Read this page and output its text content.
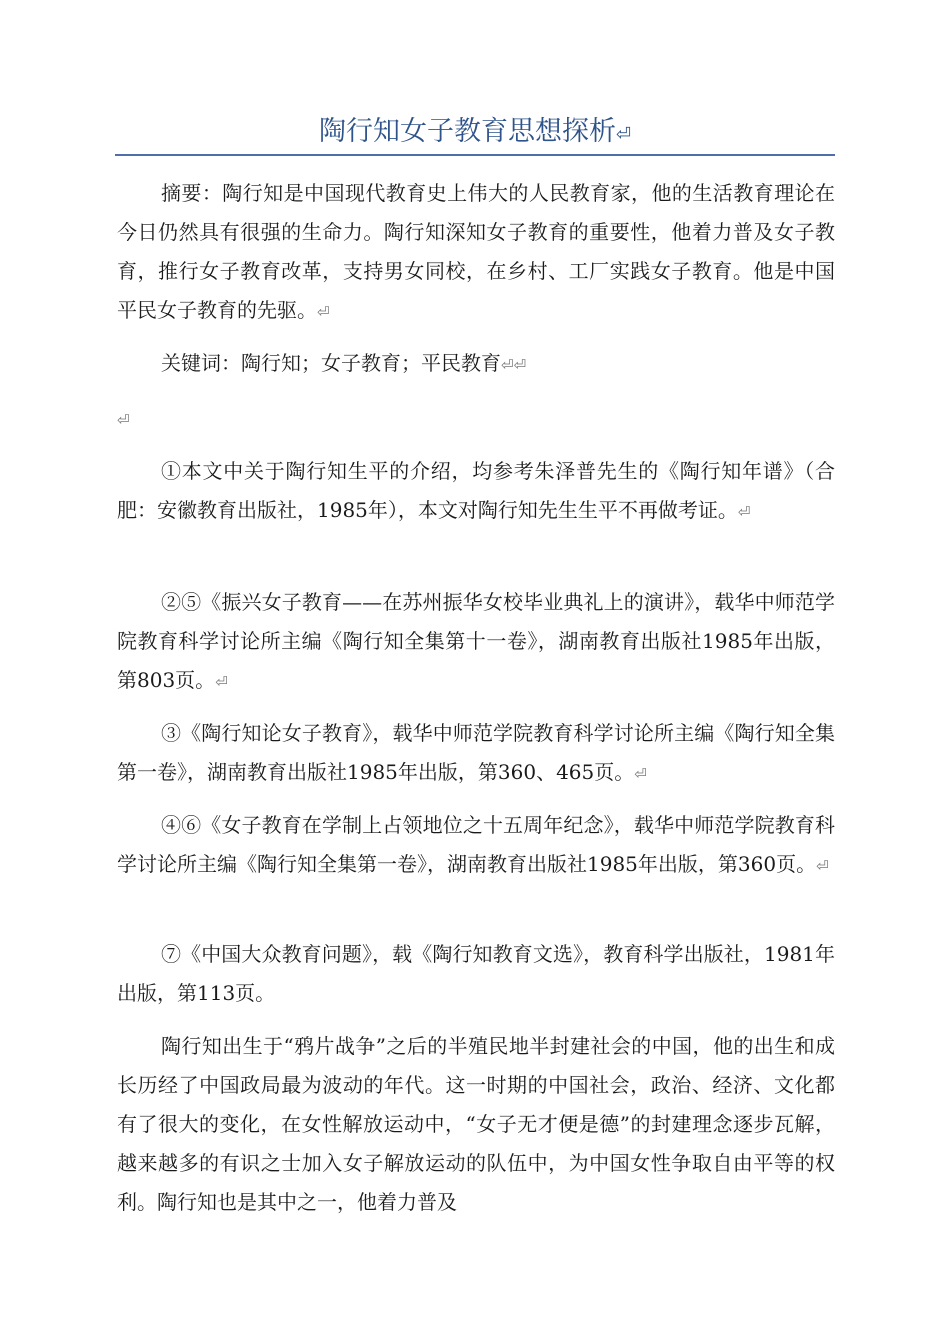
陶行知女子教育思想探析⏎

摘要：陶行知是中国现代教育史上伟大的人民教育家，他的生活教育理论在今日仍然具有很强的生命力。陶行知深知女子教育的重要性，他着力普及女子教育，推行女子教育改革，支持男女同校，在乡村、工厂实践女子教育。他是中国平民女子教育的先驱。⏎

关键词：陶行知；女子教育；平民教育⏎⏎

⏎

①本文中关于陶行知生平的介绍，均参考朱泽普先生的《陶行知年谱》（合肥：安徽教育出版社，1985年），本文对陶行知先生生平不再做考证。⏎

②⑤《振兴女子教育——在苏州振华女校毕业典礼上的演讲》，载华中师范学院教育科学讨论所主编《陶行知全集第十一卷》，湖南教育出版社1985年出版，第803页。⏎

③《陶行知论女子教育》，载华中师范学院教育科学讨论所主编《陶行知全集第一卷》，湖南教育出版社1985年出版，第360、465页。⏎

④⑥《女子教育在学制上占领地位之十五周年纪念》，载华中师范学院教育科学讨论所主编《陶行知全集第一卷》，湖南教育出版社1985年出版，第360页。⏎

⑦《中国大众教育问题》，载《陶行知教育文选》，教育科学出版社，1981年出版，第113页。

陶行知出生于“鸦片战争”之后的半殖民地半封建社会的中国，他的出生和成长历经了中国政局最为波动的年代。这一时期的中国社会，政治、经济、文化都有了很大的变化，在女性解放运动中，“女子无才便是德”的封建理念逐步瓦解，越来越多的有识之士加入女子解放运动的队伍中，为中国女性争取自由平等的权利。陶行知也是其中之一，他着力普及
